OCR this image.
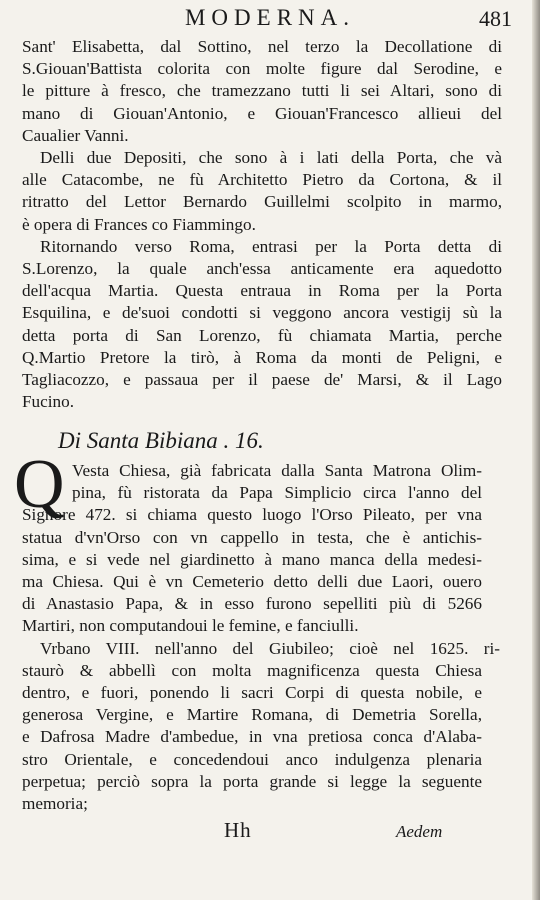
MODERNA.	481
Sant' Elisabetta, dal Sottino, nel terzo la Decollatione di
S.Giouan'Battista colorita con molte figure dal Serodine, e
le pitture à fresco, che tramezzano tutti li sei Altari, sono di
mano di Giouan'Antonio, e Giouan'Francesco allieui del
Caualier Vanni.
Delli due Depositi, che sono à i lati della Porta, che và
alle Catacombe, ne fù Architetto Pietro da Cortona, & il
ritratto del Lettor Bernardo Guillelmi scolpito in marmo,
è opera di Frances co Fiammingo.
Ritornando verso Roma, entrasi per la Porta detta di
S.Lorenzo, la quale anch'essa anticamente era aquedotto
dell'acqua Martia. Questa entraua in Roma per la Porta
Esquilina, e de'suoi condotti si veggono ancora vestigij sù la
detta porta di San Lorenzo, fù chiamata Martia, perche
Q.Martio Pretore la tirò, à Roma da monti de Peligni, e
Tagliacozzo, e passaua per il paese de' Marsi, & il Lago
Fucino.
Di Santa Bibiana . 16.
Q Vesta Chiesa, già fabricata dalla Santa Matrona Olim-
pina, fù ristorata da Papa Simplicio circa l'anno del
Signore 472. si chiama questo luogo l'Orso Pileato, per vna
statua d'vn'Orso con vn cappello in testa, che è antichis-
sima, e si vede nel giardinetto à mano manca della medesi-
ma Chiesa. Qui è vn Cemeterio detto delli due Laori, ouero
di Anastasio Papa, & in esso furono sepelliti più di 5266
Martiri, non computandoui le femine, e fanciulli.
Vrbano VIII. nell'anno del Giubileo; cioè nel 1625. ri-
staurò & abbellì con molta magnificenza questa Chiesa
dentro, e fuori, ponendo li sacri Corpi di questa nobile, e
generosa Vergine, e Martire Romana, di Demetria Sorella,
e Dafrosa Madre d'ambedue, in vna pretiosa conca d'Alaba-
stro Orientale, e concedendoui anco indulgenza plenaria
perpetua; perciò sopra la porta grande si legge la seguente
memoria;
Hh	Aedem
